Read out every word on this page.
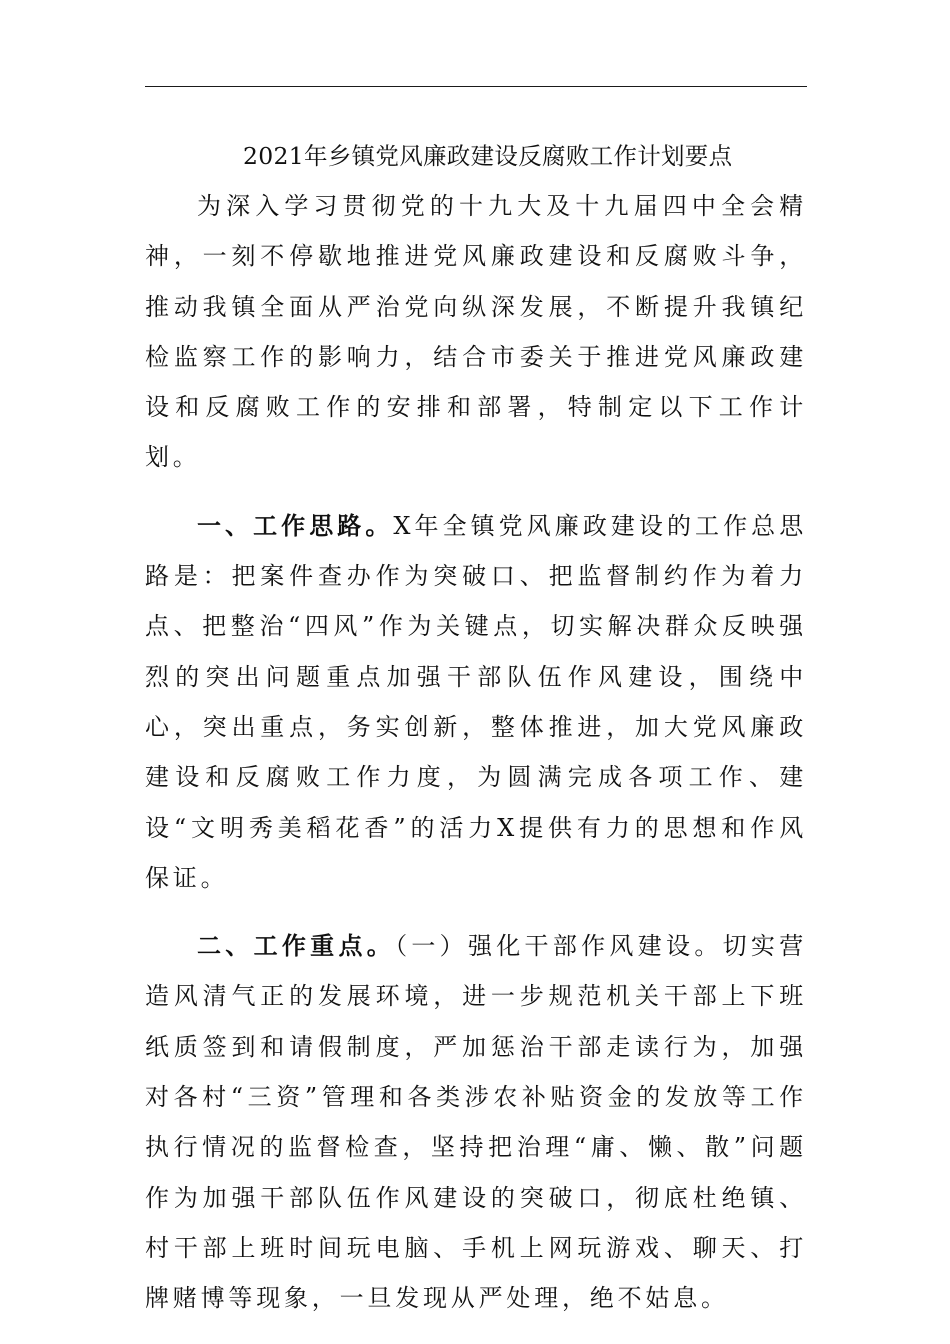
2021年乡镇党风廉政建设反腐败工作计划要点

为深入学习贯彻党的十九大及十九届四中全会精神，一刻不停歇地推进党风廉政建设和反腐败斗争，推动我镇全面从严治党向纵深发展，不断提升我镇纪检监察工作的影响力，结合市委关于推进党风廉政建设和反腐败工作的安排和部署，特制定以下工作计划。

一、工作思路。X年全镇党风廉政建设的工作总思路是：把案件查办作为突破口、把监督制约作为着力点、把整治“四风”作为关键点，切实解决群众反映强烈的突出问题重点加强干部队伍作风建设，围绕中心，突出重点，务实创新，整体推进，加大党风廉政建设和反腐败工作力度，为圆满完成各项工作、建设“文明秀美稻花香”的活力X提供有力的思想和作风保证。

二、工作重点。（一）强化干部作风建设。切实营造风清气正的发展环境，进一步规范机关干部上下班纸质签到和请假制度，严加惩治干部走读行为，加强对各村“三资”管理和各类涉农补贴资金的发放等工作执行情况的监督检查，坚持把治理“庸、懒、散”问题作为加强干部队伍作风建设的突破口，彻底杜绝镇、村干部上班时间玩电脑、手机上网玩游戏、聊天、打牌赌博等现象，一旦发现从严处理，绝不姑息。
